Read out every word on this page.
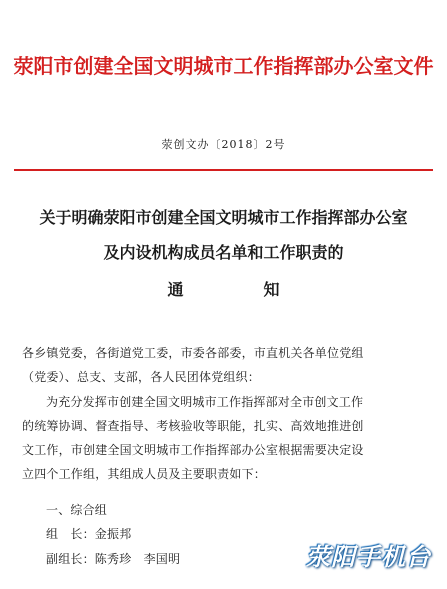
荥阳市创建全国文明城市工作指挥部办公室文件
荥创文办〔2018〕2号
关于明确荥阳市创建全国文明城市工作指挥部办公室
及内设机构成员名单和工作职责的
通知
各乡镇党委，各街道党工委，市委各部委，市直机关各单位党组
（党委）、总支、支部，各人民团体党组织：
为充分发挥市创建全国文明城市工作指挥部对全市创文工作
的统筹协调、督查指导、考核验收等职能，扎实、高效地推进创
文工作，市创建全国文明城市工作指挥部办公室根据需要决定设
立四个工作组，其组成人员及主要职责如下：
一、综合组
组　长：金振邦
副组长：陈秀珍　李国明	荥阳手机台
